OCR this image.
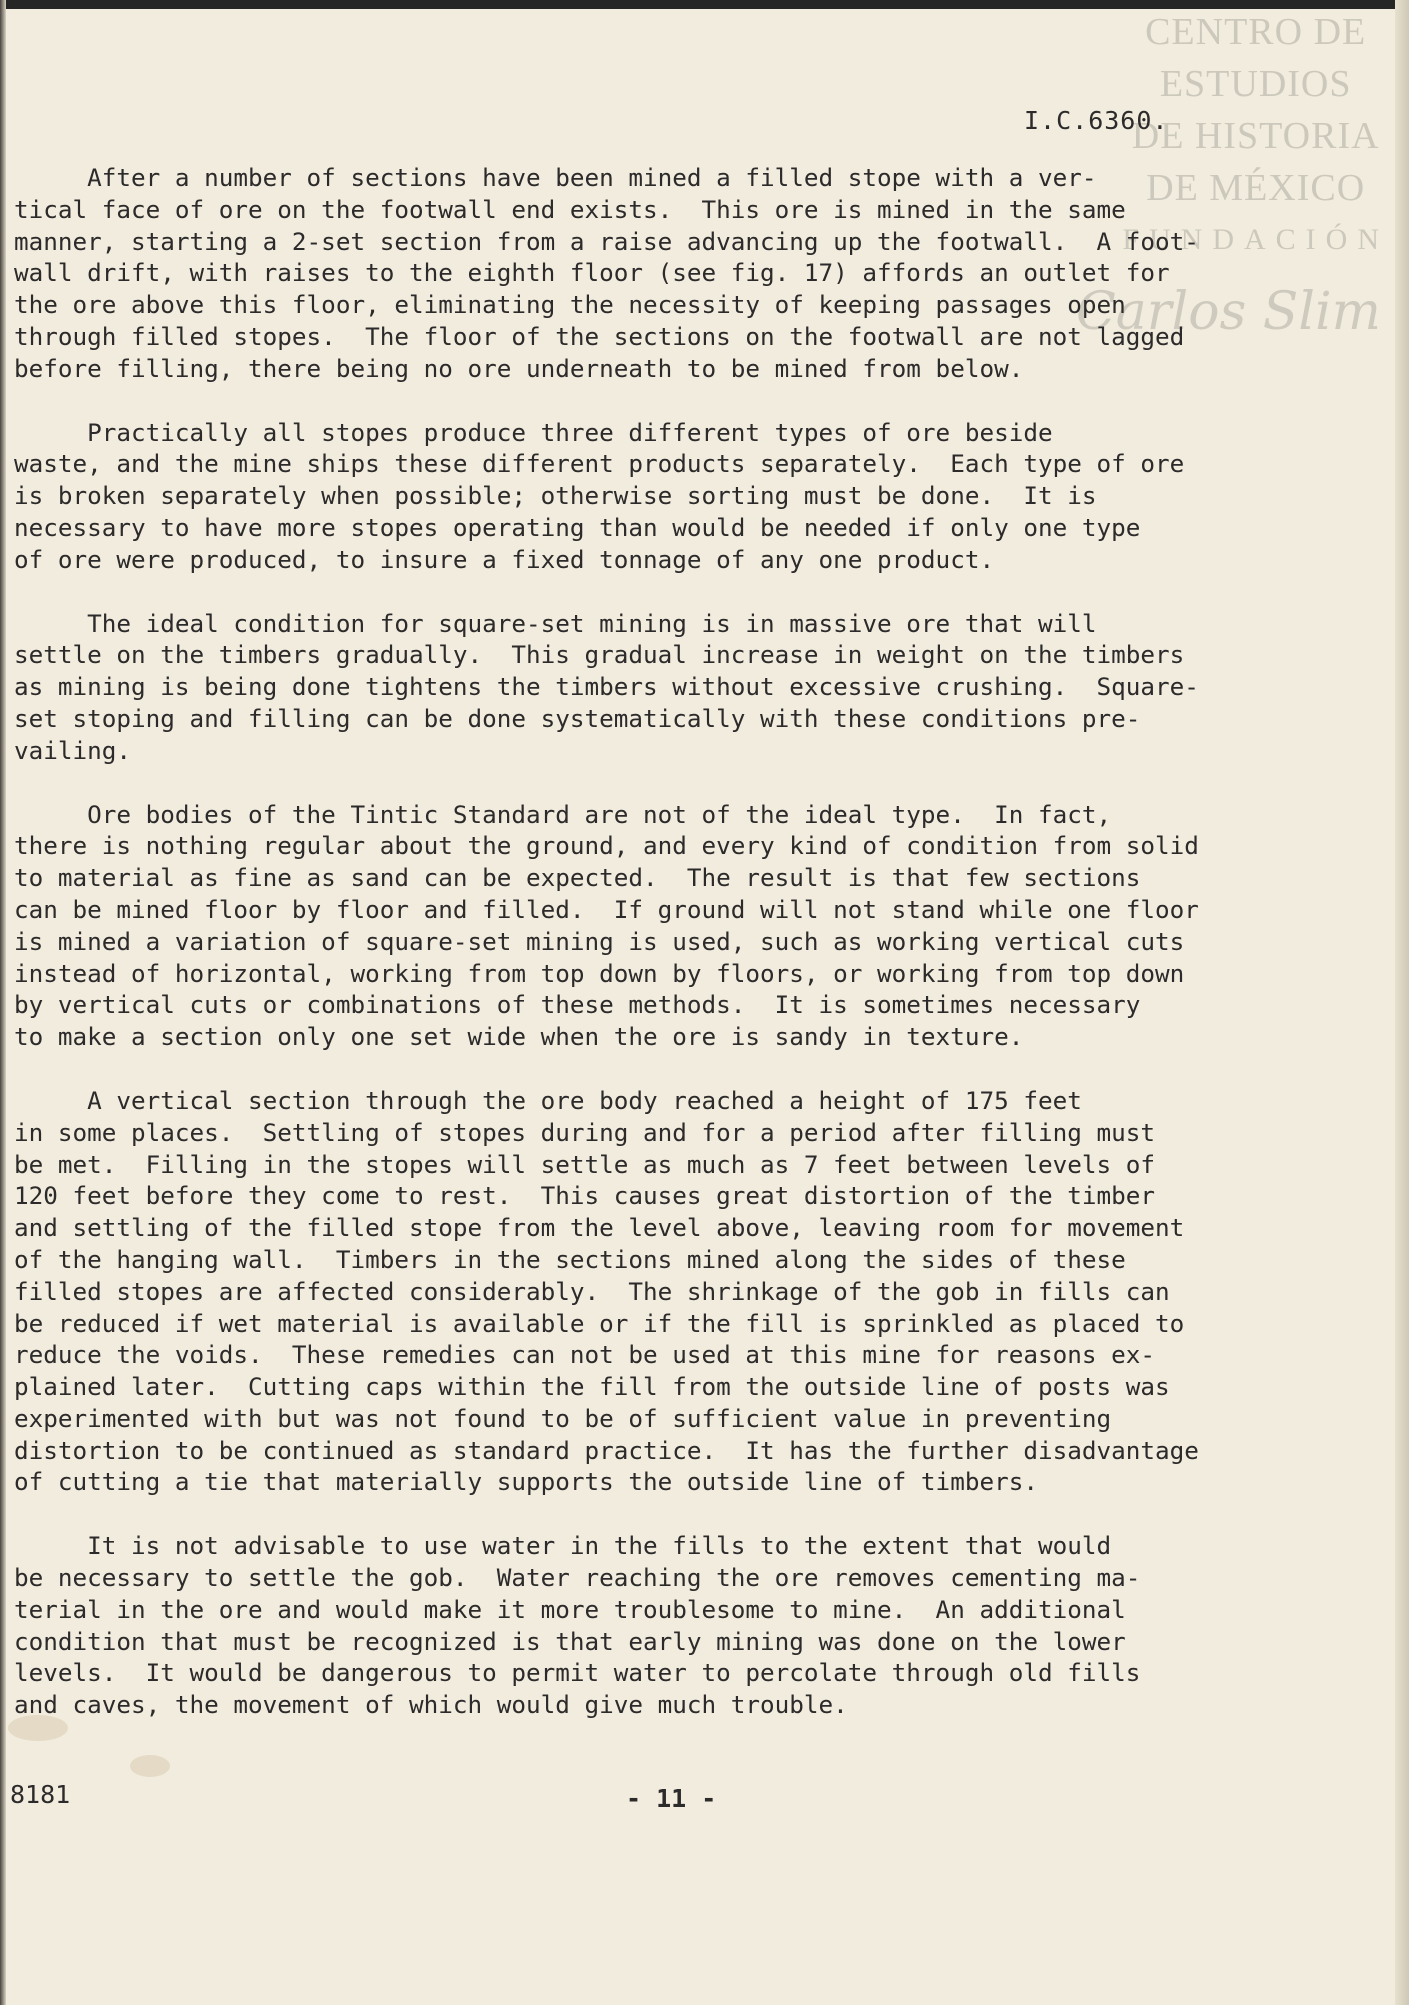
CENTRO DE
ESTUDIOS
DE HISTORIA
DE MÉXICO
FUNDACIÓN
Carlos Slim
I.C.6360.
After a number of sections have been mined a filled stope with a ver-
tical face of ore on the footwall end exists.  This ore is mined in the same
manner, starting a 2-set section from a raise advancing up the footwall.  A foot-
wall drift, with raises to the eighth floor (see fig. 17) affords an outlet for
the ore above this floor, eliminating the necessity of keeping passages open
through filled stopes.  The floor of the sections on the footwall are not lagged
before filling, there being no ore underneath to be mined from below.
Practically all stopes produce three different types of ore beside
waste, and the mine ships these different products separately.  Each type of ore
is broken separately when possible; otherwise sorting must be done.  It is
necessary to have more stopes operating than would be needed if only one type
of ore were produced, to insure a fixed tonnage of any one product.
The ideal condition for square-set mining is in massive ore that will
settle on the timbers gradually.  This gradual increase in weight on the timbers
as mining is being done tightens the timbers without excessive crushing.  Square-
set stoping and filling can be done systematically with these conditions pre-
vailing.
Ore bodies of the Tintic Standard are not of the ideal type.  In fact,
there is nothing regular about the ground, and every kind of condition from solid
to material as fine as sand can be expected.  The result is that few sections
can be mined floor by floor and filled.  If ground will not stand while one floor
is mined a variation of square-set mining is used, such as working vertical cuts
instead of horizontal, working from top down by floors, or working from top down
by vertical cuts or combinations of these methods.  It is sometimes necessary
to make a section only one set wide when the ore is sandy in texture.
A vertical section through the ore body reached a height of 175 feet
in some places.  Settling of stopes during and for a period after filling must
be met.  Filling in the stopes will settle as much as 7 feet between levels of
120 feet before they come to rest.  This causes great distortion of the timber
and settling of the filled stope from the level above, leaving room for movement
of the hanging wall.  Timbers in the sections mined along the sides of these
filled stopes are affected considerably.  The shrinkage of the gob in fills can
be reduced if wet material is available or if the fill is sprinkled as placed to
reduce the voids.  These remedies can not be used at this mine for reasons ex-
plained later.  Cutting caps within the fill from the outside line of posts was
experimented with but was not found to be of sufficient value in preventing
distortion to be continued as standard practice.  It has the further disadvantage
of cutting a tie that materially supports the outside line of timbers.
It is not advisable to use water in the fills to the extent that would
be necessary to settle the gob.  Water reaching the ore removes cementing ma-
terial in the ore and would make it more troublesome to mine.  An additional
condition that must be recognized is that early mining was done on the lower
levels.  It would be dangerous to permit water to percolate through old fills
and caves, the movement of which would give much trouble.
8181	- 11 -
